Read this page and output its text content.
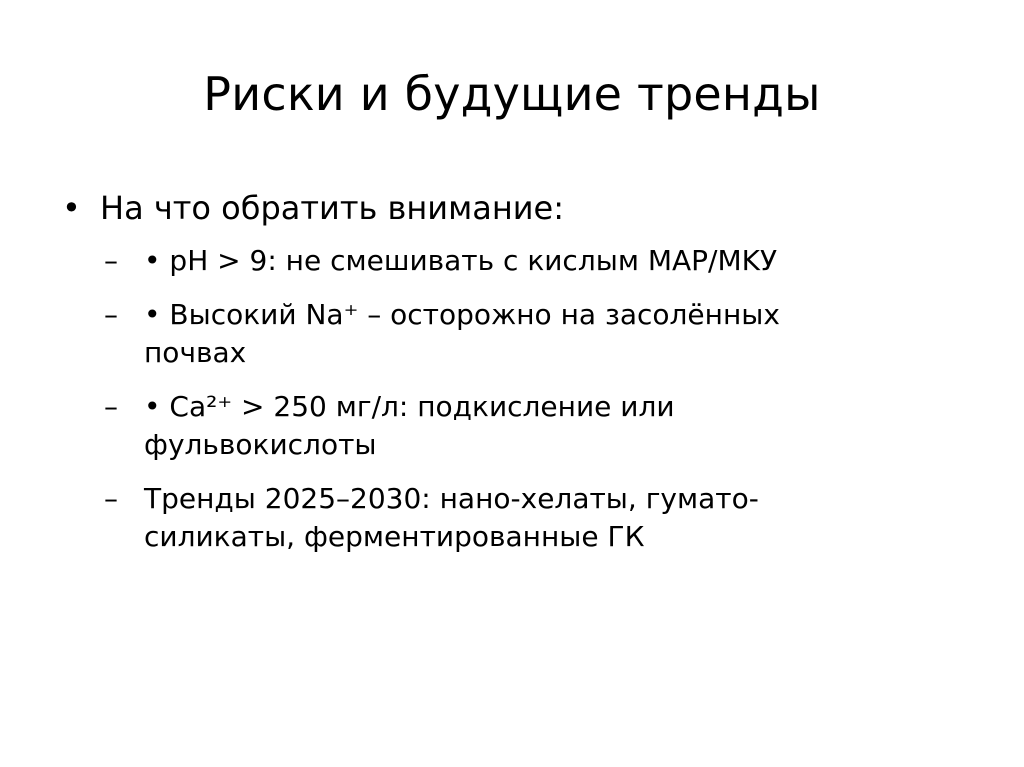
Риски и будущие тренды
• На что обратить внимание:
– • pH > 9: не смешивать с кислым MAP/MKУ
– • Высокий Na⁺ – осторожно на засолённых почвах
– • Ca²⁺ > 250 мг/л: подкисление или фульвокислоты
– Тренды 2025–2030: нано-хелаты, гумато-силикаты, ферментированные ГК
